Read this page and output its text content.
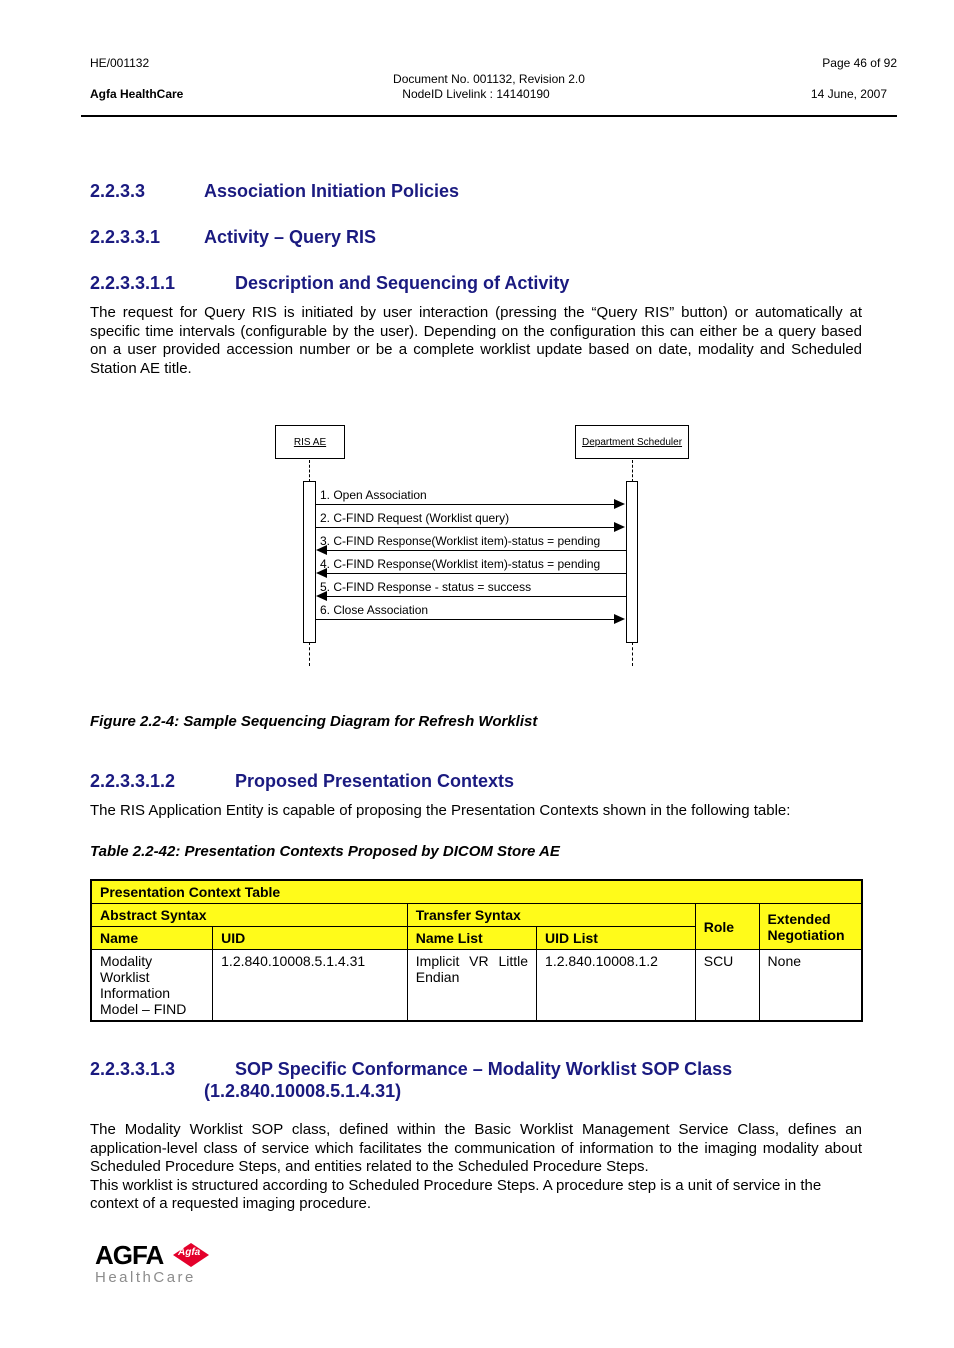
HE/001132
Agfa HealthCare
Document No. 001132, Revision 2.0
NodeID Livelink : 14140190
Page 46 of 92
14 June, 2007
2.2.3.3	Association Initiation Policies
2.2.3.3.1 Activity – Query RIS
2.2.3.3.1.1	Description and Sequencing of Activity

The request for Query RIS is initiated by user interaction (pressing the “Query RIS” button) or automatically at specific time intervals (configurable by the user). Depending on the configuration this can either be a query based on a user provided accession number or be a complete worklist update based on date, modality and Scheduled Station AE title.

RIS AE	Department Scheduler
1. Open Association
2. C-FIND Request (Worklist query)
3. C-FIND Response(Worklist item)-status = pending
4. C-FIND Response(Worklist item)-status = pending
5. C-FIND Response - status = success
6. Close Association
Figure 2.2-4: Sample Sequencing Diagram for Refresh Worklist
2.2.3.3.1.2	Proposed Presentation Contexts

The RIS Application Entity is capable of proposing the Presentation Contexts shown in the following table:

Table 2.2-42: Presentation Contexts Proposed by DICOM Store AE
Presentation Context Table					
Abstract Syntax		Transfer Syntax		Role	Extended Negotiation
Name	UID	Name List	UID List		
Modality Worklist Information Model – FIND	1.2.840.10008.5.1.4.31	Implicit VR Little Endian	1.2.840.10008.1.2	SCU	None
2.2.3.3.1.3	SOP Specific Conformance – Modality Worklist SOP Class
(1.2.840.10008.5.1.4.31)

The Modality Worklist SOP class, defined within the Basic Worklist Management Service Class, defines an application-level class of service which facilitates the communication of information to the imaging modality about Scheduled Procedure Steps, and entities related to the Scheduled Procedure Steps.

This worklist is structured according to Scheduled Procedure Steps. A procedure step is a unit of service in the context of a requested imaging procedure.

AGFA Agfa
HealthCare
